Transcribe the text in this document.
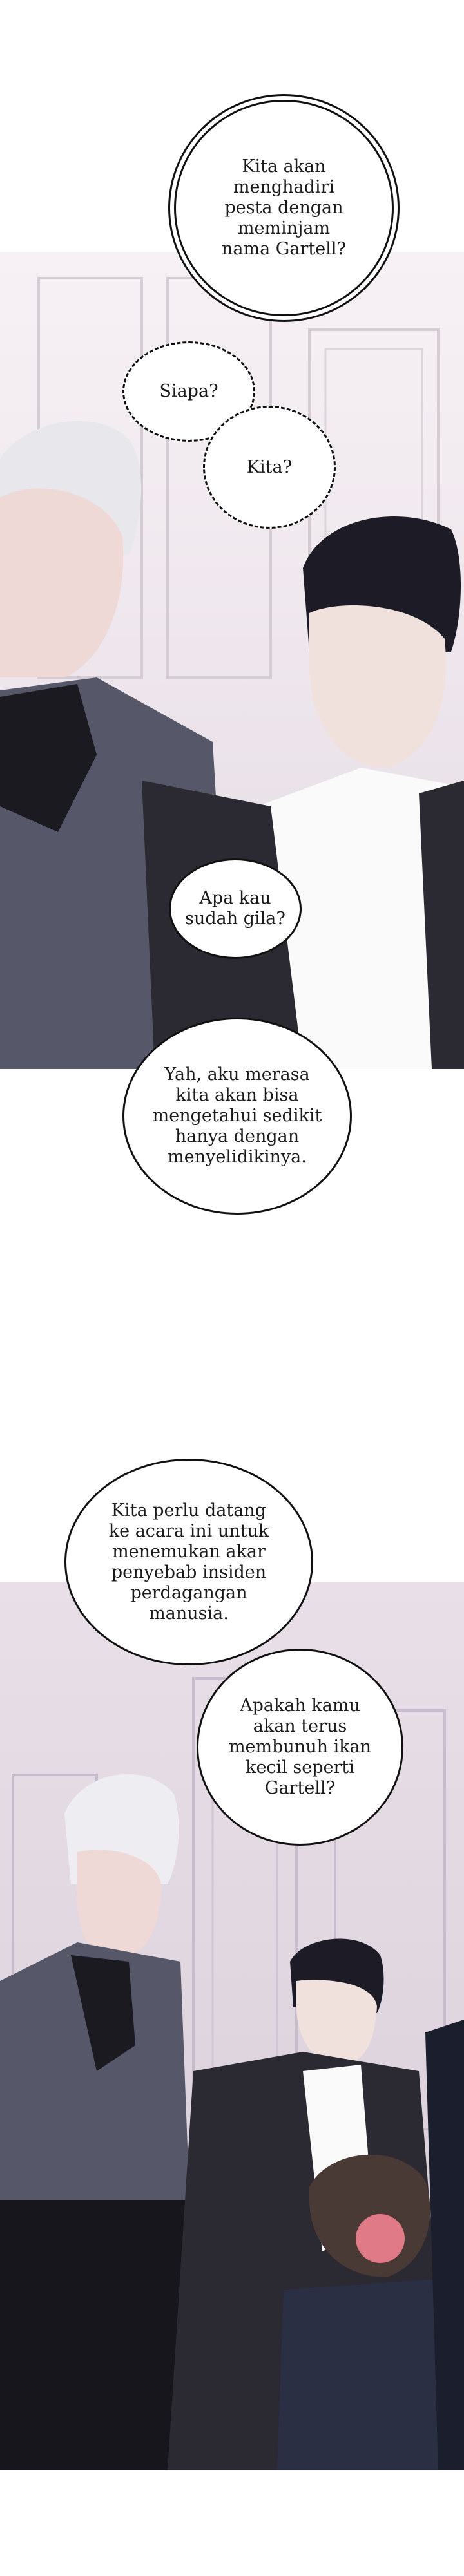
Kita akan
menghadiri
pesta dengan
meminjam
nama Gartell?
Siapa?
Kita?
Apa kau
sudah gila?
Yah, aku merasa
kita akan bisa
mengetahui sedikit
hanya dengan
menyelidikinya.
Kita perlu datang
ke acara ini untuk
menemukan akar
penyebab insiden
perdagangan
manusia.
Apakah kamu
akan terus
membunuh ikan
kecil seperti
Gartell?
